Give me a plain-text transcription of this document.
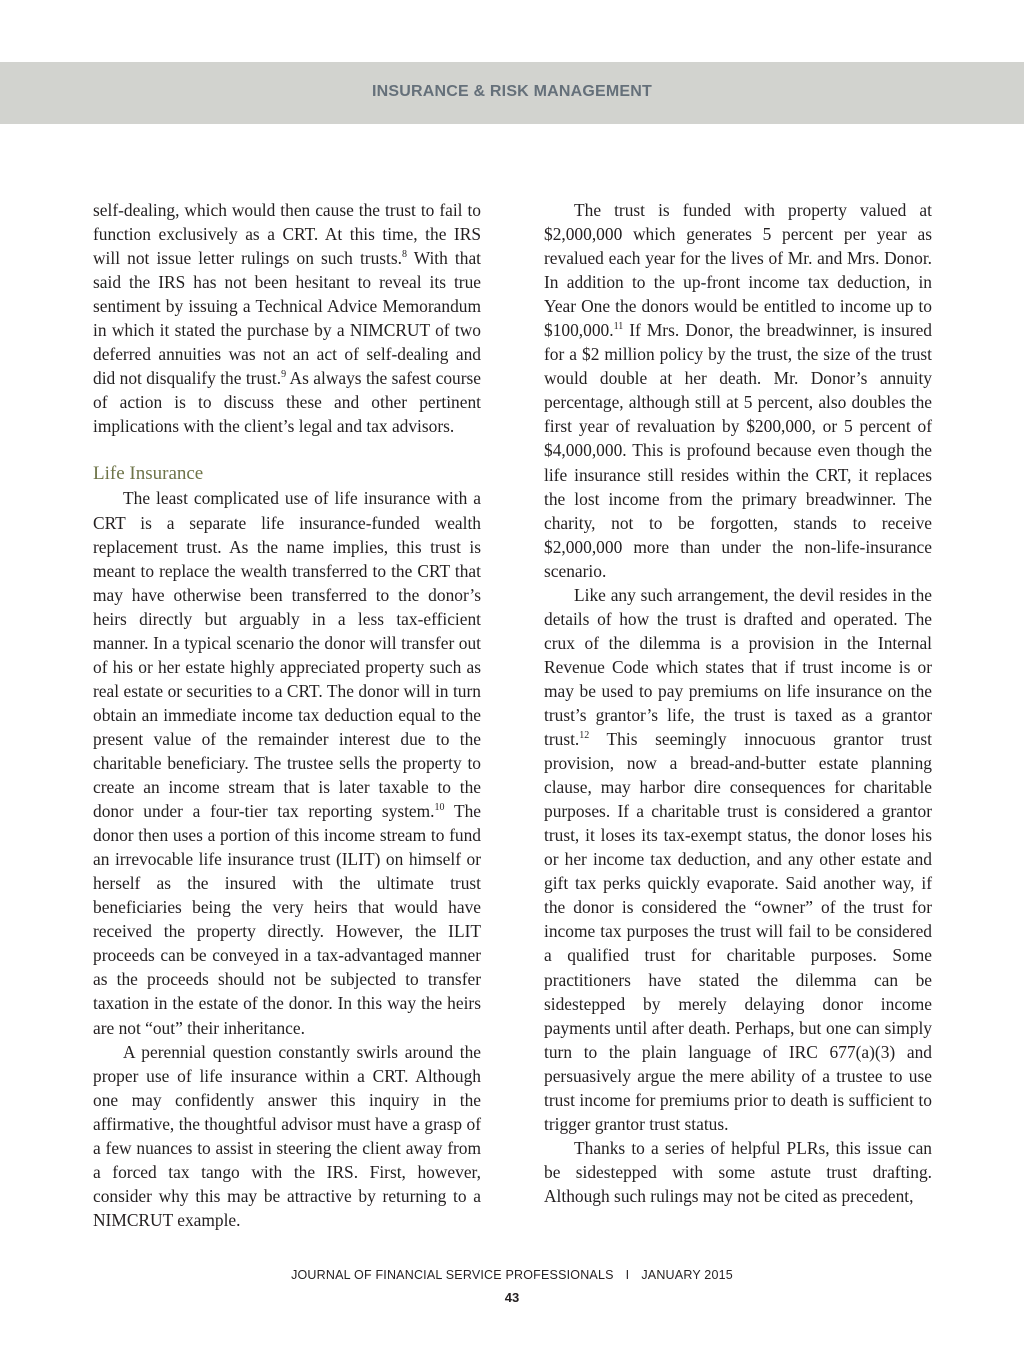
INSURANCE & RISK MANAGEMENT

self-dealing, which would then cause the trust to fail to function exclusively as a CRT. At this time, the IRS will not issue letter rulings on such trusts.$^8$ With that said the IRS has not been hesitant to reveal its true sentiment by issuing a Technical Advice Memorandum in which it stated the purchase by a NIMCRUT of two deferred annuities was not an act of self-dealing and did not disqualify the trust.$^9$ As always the safest course of action is to discuss these and other pertinent implications with the client’s legal and tax advisors.

Life Insurance

The least complicated use of life insurance with a CRT is a separate life insurance-funded wealth replacement trust. As the name implies, this trust is meant to replace the wealth transferred to the CRT that may have otherwise been transferred to the donor’s heirs directly but arguably in a less tax-efficient manner. In a typical scenario the donor will transfer out of his or her estate highly appreciated property such as real estate or securities to a CRT. The donor will in turn obtain an immediate income tax deduction equal to the present value of the remainder interest due to the charitable beneficiary. The trustee sells the property to create an income stream that is later taxable to the donor under a four-tier tax reporting system.$^{10}$ The donor then uses a portion of this income stream to fund an irrevocable life insurance trust (ILIT) on himself or herself as the insured with the ultimate trust beneficiaries being the very heirs that would have received the property directly. However, the ILIT proceeds can be conveyed in a tax-advantaged manner as the proceeds should not be subjected to transfer taxation in the estate of the donor. In this way the heirs are not “out” their inheritance.

A perennial question constantly swirls around the proper use of life insurance within a CRT. Although one may confidently answer this inquiry in the affirmative, the thoughtful advisor must have a grasp of a few nuances to assist in steering the client away from a forced tax tango with the IRS. First, however, consider why this may be attractive by returning to a NIMCRUT example.

The trust is funded with property valued at $2,000,000 which generates 5 percent per year as revalued each year for the lives of Mr. and Mrs. Donor. In addition to the up-front income tax deduction, in Year One the donors would be entitled to income up to $100,000.11 If Mrs. Donor, the breadwinner, is insured for a $2 million policy by the trust, the size of the trust would double at her death. Mr. Donor’s annuity percentage, although still at 5 percent, also doubles the first year of revaluation by $200,000, or 5 percent of $4,000,000. This is profound because even though the life insurance still resides within the CRT, it replaces the lost income from the primary breadwinner. The charity, not to be forgotten, stands to receive $2,000,000 more than under the non-life-insurance scenario.

Like any such arrangement, the devil resides in the details of how the trust is drafted and operated. The crux of the dilemma is a provision in the Internal Revenue Code which states that if trust income is or may be used to pay premiums on life insurance on the trust’s grantor’s life, the trust is taxed as a grantor trust.$^{12}$ This seemingly innocuous grantor trust provision, now a bread-and-butter estate planning clause, may harbor dire consequences for charitable purposes. If a charitable trust is considered a grantor trust, it loses its tax-exempt status, the donor loses his or her income tax deduction, and any other estate and gift tax perks quickly evaporate. Said another way, if the donor is considered the “owner” of the trust for income tax purposes the trust will fail to be considered a qualified trust for charitable purposes. Some practitioners have stated the dilemma can be sidestepped by merely delaying donor income payments until after death. Perhaps, but one can simply turn to the plain language of IRC 677(a)(3) and persuasively argue the mere ability of a trustee to use trust income for premiums prior to death is sufficient to trigger grantor trust status.

Thanks to a series of helpful PLRs, this issue can be sidestepped with some astute trust drafting. Although such rulings may not be cited as precedent,

JOURNAL OF FINANCIAL SERVICE PROFESSIONALS I JANUARY 2015
43
